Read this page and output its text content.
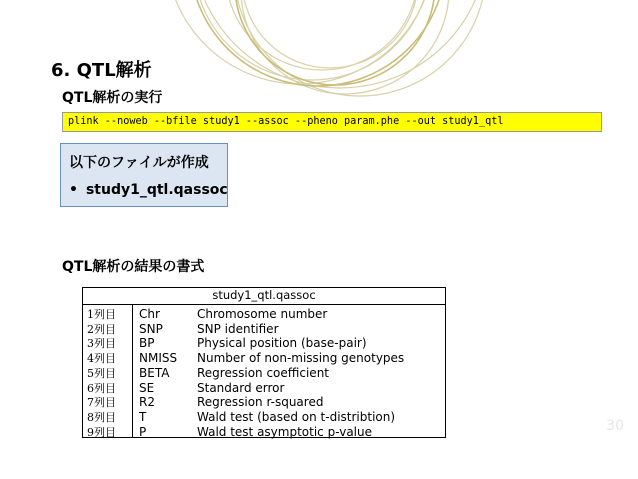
6. QTL解析
QTL解析の実行
plink --noweb --bfile study1 --assoc --pheno param.phe --out study1_qtl
以下のファイルが作成
• study1_qtl.qassoc
QTL解析の結果の書式
study1_qtl.qassoc
1列目 Chr	Chromosome number
2列目 SNP	SNP identifier
3列目 BP	Physical position (base-pair)
4列目 NMISS Number of non-missing genotypes
5列目 BETA Regression coefficient
6列目 SE	Standard error
7列目 R2	Regression r-squared
8列目 T	Wald test (based on t-distribtion)
9列目 P	Wald test asymptotic p-value	30
